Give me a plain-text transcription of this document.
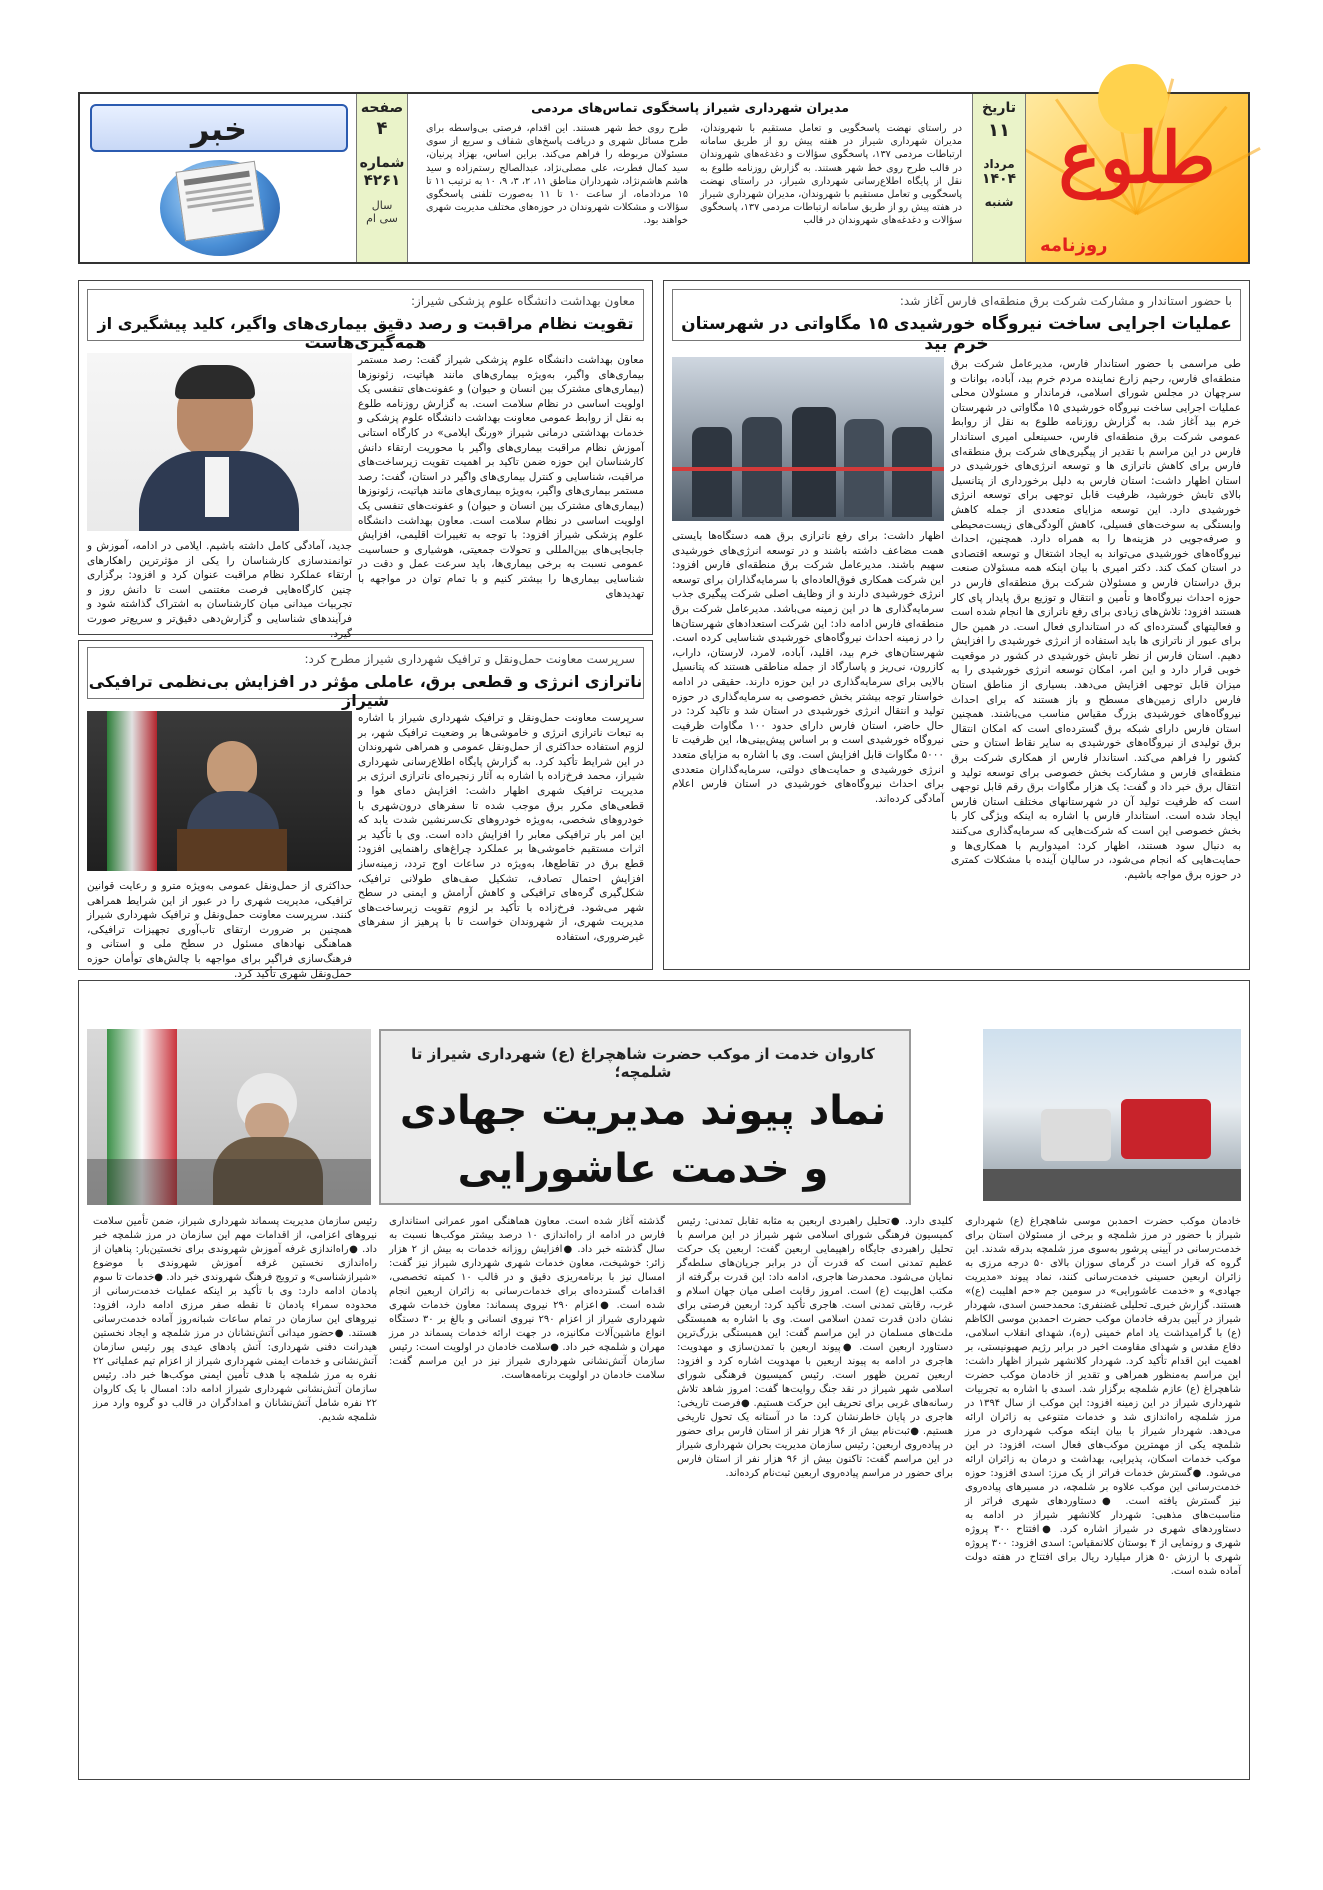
طلوع
روزنامه
تاریخ
۱۱
مرداد
۱۴۰۴
شنبه
مدیران شهرداری شیراز پاسخگوی تماس‌های مردمی
در راستای نهضت پاسخگویی و تعامل مستقیم با شهروندان، مدیران شهرداری شیراز در هفته پیش رو از طریق سامانه ارتباطات مردمی ۱۳۷، پاسخگوی سؤالات و دغدغه‌های شهروندان در قالب طرح روی خط شهر هستند. به گزارش روزنامه طلوع به نقل از پایگاه اطلاع‌رسانی شهرداری شیراز، در راستای نهضت پاسخگویی و تعامل مستقیم با شهروندان، مدیران شهرداری شیراز در هفته پیش رو از طریق سامانه ارتباطات مردمی ۱۳۷، پاسخگوی سؤالات و دغدغه‌های شهروندان در قالب
طرح روی خط شهر هستند. این اقدام، فرصتی بی‌واسطه برای طرح مسائل شهری و دریافت پاسخ‌های شفاف و سریع از سوی مسئولان مربوطه را فراهم می‌کند. براین اساس، بهزاد پرنیان، سید کمال فطرت، علی مصلی‌نژاد، عبدالصالح رستم‌زاده و سید هاشم هاشم‌نژاد، شهرداران مناطق ۱۱، ۲، ۳، ۹، ۱۰ به ترتیب ۱۱ تا ۱۵ مردادماه، از ساعت ۱۰ تا ۱۱ به‌صورت تلفنی پاسخگوی سؤالات و مشکلات شهروندان در حوزه‌های مختلف مدیریت شهری خواهند بود.
صفحه
۴
شماره
۴۲۶۱
سال
سی ام
خبر
با حضور استاندار و مشارکت شرکت برق منطقه‌ای فارس آغاز شد:
عملیات اجرایی ساخت نیروگاه خورشیدی ۱۵ مگاواتی در شهرستان خرم بید
طی مراسمی با حضور استاندار فارس، مدیرعامل شرکت برق منطقه‌ای فارس، رحیم زارع نماینده مردم خرم بید، آباده، بوانات و سرچهان در مجلس شورای اسلامی، فرماندار و مسئولان محلی عملیات اجرایی ساخت نیروگاه خورشیدی ۱۵ مگاواتی در شهرستان خرم بید آغاز شد. به گزارش روزنامه طلوع به نقل از روابط عمومی شرکت برق منطقه‌ای فارس، حسینعلی امیری استاندار فارس در این مراسم با تقدیر از پیگیری‌های شرکت برق منطقه‌ای فارس برای کاهش ناترازی ها و توسعه انرژی‌های خورشیدی در استان اظهار داشت: استان فارس به دلیل برخورداری از پتانسیل بالای تابش خورشید، ظرفیت قابل توجهی برای توسعه انرژی خورشیدی دارد. این توسعه مزایای متعددی از جمله کاهش وابستگی به سوخت‌های فسیلی، کاهش آلودگی‌های زیست‌محیطی و صرفه‌جویی در هزینه‌ها را به همراه دارد. همچنین، احداث نیروگاه‌های خورشیدی می‌تواند به ایجاد اشتغال و توسعه اقتصادی در استان کمک کند. دکتر امیری با بیان اینکه همه مسئولان صنعت برق دراستان فارس و مسئولان شرکت برق منطقه‌ای فارس در حوزه احداث نیروگاه‌ها و تأمین و انتقال و توزیع برق پایدار پای کار هستند افزود: تلاش‌های زیادی برای رفع ناترازی ها انجام شده است و فعالیتهای گسترده‌ای که در استانداری فعال است. در همین حال برای عبور از ناترازی ها باید استفاده از انرژی خورشیدی را افزایش دهیم. استان فارس از نظر تابش خورشیدی در کشور در موقعیت خوبی قرار دارد و این امر، امکان توسعه انرژی خورشیدی را به میزان قابل توجهی افزایش می‌دهد. بسیاری از مناطق استان فارس دارای زمین‌های مسطح و باز هستند که برای احداث نیروگاه‌های خورشیدی بزرگ مقیاس مناسب می‌باشند. همچنین استان فارس دارای شبکه برق گسترده‌ای است که امکان انتقال برق تولیدی از نیروگاه‌های خورشیدی به سایر نقاط استان و حتی کشور را فراهم می‌کند. استاندار فارس از همکاری شرکت برق منطقه‌ای فارس و مشارکت بخش خصوصی برای توسعه تولید و انتقال برق خبر داد و گفت: یک هزار مگاوات برق رقم قابل توجهی است که ظرفیت تولید آن در شهرستانهای مختلف استان فارس ایجاد شده است. استاندار فارس با اشاره به اینکه ویژگی کار با بخش خصوصی این است که شرکت‌هایی که سرمایه‌گذاری می‌کنند به دنبال سود هستند، اظهار کرد: امیدواریم با همکاری‌ها و حمایت‌هایی که انجام می‌شود، در سالیان آینده با مشکلات کمتری در حوزه برق مواجه باشیم.
اظهار داشت: برای رفع ناترازی برق همه دستگاه‌ها بایستی همت مضاعف داشته باشند و در توسعه انرژی‌های خورشیدی سهیم باشند. مدیرعامل شرکت برق منطقه‌ای فارس افزود: این شرکت همکاری فوق‌العاده‌ای با سرمایه‌گذاران برای توسعه انرژی خورشیدی دارند و از وظایف اصلی شرکت پیگیری جذب سرمایه‌گذاری ها در این زمینه می‌باشد. مدیرعامل شرکت برق منطقه‌ای فارس ادامه داد: این شرکت استعدادهای شهرستان‌ها را در زمینه احداث نیروگاه‌های خورشیدی شناسایی کرده است. شهرستان‌های خرم بید، اقلید، آباده، لامرد، لارستان، داراب، کازرون، نی‌ریز و پاسارگاد از جمله مناطقی هستند که پتانسیل بالایی برای سرمایه‌گذاری در این حوزه دارند. حقیقی در ادامه خواستار توجه بیشتر بخش خصوصی به سرمایه‌گذاری در حوزه تولید و انتقال انرژی خورشیدی در استان شد و تاکید کرد: در حال حاضر، استان فارس دارای حدود ۱۰۰ مگاوات ظرفیت نیروگاه خورشیدی است و بر اساس پیش‌بینی‌ها، این ظرفیت تا ۵۰۰۰ مگاوات قابل افزایش است. وی با اشاره به مزایای متعدد انرژی خورشیدی و حمایت‌های دولتی، سرمایه‌گذاران متعددی برای احداث نیروگاه‌های خورشیدی در استان فارس اعلام آمادگی کرده‌اند.
معاون بهداشت دانشگاه علوم پزشکی شیراز:
تقویت نظام مراقبت و رصد دقیق بیماری‌های واگیر، کلید پیشگیری از همه‌گیری‌هاست
معاون بهداشت دانشگاه علوم پزشکی شیراز گفت: رصد مستمر بیماری‌های واگیر، به‌ویژه بیماری‌های مانند هپاتیت، زئونوزها (بیماری‌های مشترک بین انسان و حیوان) و عفونت‌های تنفسی یک اولویت اساسی در نظام سلامت است. به گزارش روزنامه طلوع به نقل از روابط عمومی معاونت بهداشت دانشگاه علوم پزشکی و خدمات بهداشتی درمانی شیراز «ورنگ ایلامی» در کارگاه استانی آموزش نظام مراقبت بیماری‌های واگیر با محوریت ارتقاء دانش کارشناسان این حوزه ضمن تاکید بر اهمیت تقویت زیرساخت‌های مراقبت، شناسایی و کنترل بیماری‌های واگیر در استان، گفت: رصد مستمر بیماری‌های واگیر، به‌ویژه بیماری‌های مانند هپاتیت، زئونوزها (بیماری‌های مشترک بین انسان و حیوان) و عفونت‌های تنفسی یک اولویت اساسی در نظام سلامت است. معاون بهداشت دانشگاه علوم پزشکی شیراز افزود: با توجه به تغییرات اقلیمی، افزایش جابجایی‌های بین‌المللی و تحولات جمعیتی، هوشیاری و حساسیت عمومی نسبت به برخی بیماری‌ها، باید سرعت عمل و دقت در شناسایی بیماری‌ها را بیشتر کنیم و با تمام توان در مواجهه با تهدیدهای
جدید، آمادگی کامل داشته باشیم. ایلامی در ادامه، آموزش و توانمندسازی کارشناسان را یکی از مؤثرترین راهکارهای ارتقاء عملکرد نظام مراقبت عنوان کرد و افزود: برگزاری چنین کارگاه‌هایی فرصت مغتنمی است تا دانش روز و تجربیات میدانی میان کارشناسان به اشتراک گذاشته شود و فرآیندهای شناسایی و گزارش‌دهی دقیق‌تر و سریع‌تر صورت گیرد.
سرپرست معاونت حمل‌ونقل و ترافیک شهرداری شیراز مطرح کرد:
ناترازی انرژی و قطعی برق، عاملی مؤثر در افزایش بی‌نظمی ترافیکی شیراز
سرپرست معاونت حمل‌ونقل و ترافیک شهرداری شیراز با اشاره به تبعات ناترازی انرژی و خاموشی‌ها بر وضعیت ترافیک شهر، بر لزوم استفاده حداکثری از حمل‌ونقل عمومی و همراهی شهروندان در این شرایط تأکید کرد. به گزارش پایگاه اطلاع‌رسانی شهرداری شیراز، محمد فرخ‌زاده با اشاره به آثار زنجیره‌ای ناترازی انرژی بر مدیریت ترافیک شهری اظهار داشت: افزایش دمای هوا و قطعی‌های مکرر برق موجب شده تا سفرهای درون‌شهری با خودروهای شخصی، به‌ویژه خودروهای تک‌سرنشین شدت یابد که این امر بار ترافیکی معابر را افزایش داده است. وی با تأکید بر اثرات مستقیم خاموشی‌ها بر عملکرد چراغ‌های راهنمایی افزود: قطع برق در تقاطع‌ها، به‌ویژه در ساعات اوج تردد، زمینه‌ساز افزایش احتمال تصادف، تشکیل صف‌های طولانی ترافیک، شکل‌گیری گره‌های ترافیکی و کاهش آرامش و ایمنی در سطح شهر می‌شود. فرخ‌زاده با تأکید بر لزوم تقویت زیرساخت‌های مدیریت شهری، از شهروندان خواست تا با پرهیز از سفرهای غیرضروری، استفاده
حداکثری از حمل‌ونقل عمومی به‌ویژه مترو و رعایت قوانین ترافیکی، مدیریت شهری را در عبور از این شرایط همراهی کنند. سرپرست معاونت حمل‌ونقل و ترافیک شهرداری شیراز همچنین بر ضرورت ارتقای تاب‌آوری تجهیزات ترافیکی، هماهنگی نهادهای مسئول در سطح ملی و استانی و فرهنگ‌سازی فراگیر برای مواجهه با چالش‌های توأمان حوزه حمل‌ونقل شهری تأکید کرد.
کاروان خدمت از موکب حضرت شاهچراغ (ع) شهرداری شیراز تا شلمچه؛
نماد پیوند مدیریت جهادی
و خدمت عاشورایی
خادمان موکب حضرت احمدبن موسی شاهچراغ (ع) شهرداری شیراز با حضور در مرز شلمچه و برخی از مسئولان استان برای خدمت‌رسانی در آیینی پرشور به‌سوی مرز شلمچه بدرقه شدند. این گروه که قرار است در گرمای سوزان بالای ۵۰ درجه مرزی به زائران اربعین حسینی خدمت‌رسانی کنند، نماد پیوند «مدیریت جهادی» و «خدمت عاشورایی» در سومین جم «حم اهلیبت (ع)» هستند. گزارش خبری‌ـ تحلیلی غضنفری: محمدحسن اسدی، شهردار شیراز در آیین بدرقه خادمان موکب حضرت احمدبن موسی الکاظم (ع) با گرامیداشت یاد امام خمینی (ره)، شهدای انقلاب اسلامی، دفاع مقدس و شهدای مقاومت اخیر در برابر رژیم صهیونیستی، بر اهمیت این اقدام تأکید کرد. شهردار کلانشهر شیراز اظهار داشت: این مراسم به‌منظور همراهی و تقدیر از خادمان موکب حضرت شاهچراغ (ع) عازم شلمچه برگزار شد. اسدی با اشاره به تجربیات شهرداری شیراز در این زمینه افزود: این موکب از سال ۱۳۹۴ در مرز شلمچه راه‌اندازی شد و خدمات متنوعی به زائران ارائه می‌دهد. شهردار شیراز با بیان اینکه موکب شهرداری در مرز شلمچه یکی از مهمترین موکب‌های فعال است، افزود: در این موکب خدمات اسکان، پذیرایی، بهداشت و درمان به زائران ارائه می‌شود. ●گسترش خدمات فراتر از یک مرز: اسدی افزود: حوزه خدمت‌رسانی این موکب علاوه بر شلمچه، در مسیرهای پیاده‌روی نیز گسترش یافته است. ●دستاوردهای شهری فراتر از مناسبت‌های مذهبی: شهردار کلانشهر شیراز در ادامه به دستاوردهای شهری در شیراز اشاره کرد. ●افتتاح ۳۰۰ پروژه شهری و رونمایی از ۴ بوستان کلانمقیاس: اسدی افزود: ۳۰۰ پروژه شهری با ارزش ۵۰ هزار میلیارد ریال برای افتتاح در هفته دولت آماده شده است.
کلیدی دارد. ●تحلیل راهبردی اربعین به مثابه تقابل تمدنی: رئیس کمیسیون فرهنگی شورای اسلامی شهر شیراز در این مراسم با تحلیل راهبردی جایگاه راهپیمایی اربعین گفت: اربعین یک حرکت عظیم تمدنی است که قدرت آن در برابر جریان‌های سلطه‌گر نمایان می‌شود. محمدرضا هاجری، ادامه داد: این قدرت برگرفته از مکتب اهل‌بیت (ع) است. امروز رقابت اصلی میان جهان اسلام و غرب، رقابتی تمدنی است. هاجری تأکید کرد: اربعین فرصتی برای نشان دادن قدرت تمدن اسلامی است. وی با اشاره به همبستگی ملت‌های مسلمان در این مراسم گفت: این همبستگی بزرگ‌ترین دستاورد اربعین است. ●پیوند اربعین با تمدن‌سازی و مهدویت: هاجری در ادامه به پیوند اربعین با مهدویت اشاره کرد و افزود: اربعین تمرین ظهور است. رئیس کمیسیون فرهنگی شورای اسلامی شهر شیراز در نقد جنگ روایت‌ها گفت: امروز شاهد تلاش رسانه‌های غربی برای تحریف این حرکت هستیم. ●فرصت تاریخی: هاجری در پایان خاطرنشان کرد: ما در آستانه یک تحول تاریخی هستیم. ●ثبت‌نام بیش از ۹۶ هزار نفر از استان فارس برای حضور در پیاده‌روی اربعین: رئیس سازمان مدیریت بحران شهرداری شیراز در این مراسم گفت: تاکنون بیش از ۹۶ هزار نفر از استان فارس برای حضور در مراسم پیاده‌روی اربعین ثبت‌نام کرده‌اند.
گذشته آغاز شده است. معاون هماهنگی امور عمرانی استانداری فارس در ادامه از راه‌اندازی ۱۰ درصد بیشتر موکب‌ها نسبت به سال گذشته خبر داد. ●افزایش روزانه خدمات به بیش از ۲ هزار زائر: خوشیخت، معاون خدمات شهری شهرداری شیراز نیز گفت: امسال نیز با برنامه‌ریزی دقیق و در قالب ۱۰ کمیته تخصصی، اقدامات گسترده‌ای برای خدمات‌رسانی به زائران اربعین انجام شده است. ●اعزام ۲۹۰ نیروی پسماند: معاون خدمات شهری شهرداری شیراز از اعزام ۲۹۰ نیروی انسانی و بالغ بر ۳۰ دستگاه انواع ماشین‌آلات مکانیزه، در جهت ارائه خدمات پسماند در مرز مهران و شلمچه خبر داد. ●سلامت خادمان در اولویت است: رئیس سازمان آتش‌نشانی شهرداری شیراز نیز در این مراسم گفت: سلامت خادمان در اولویت برنامه‌هاست.
رئیس سازمان مدیریت پسماند شهرداری شیراز، ضمن تأمین سلامت نیروهای اعزامی، از اقدامات مهم این سازمان در مرز شلمچه خبر داد. ●راه‌اندازی غرفه آموزش شهروندی برای نخستین‌بار: پناهیان از راه‌اندازی نخستین غرفه آموزش شهروندی با موضوع «شیرازشناسی» و ترویج فرهنگ شهروندی خبر داد. ●خدمات تا سوم پادمان ادامه دارد: وی با تأکید بر اینکه عملیات خدمت‌رسانی از محدوده سمراء پادمان تا نقطه صفر مرزی ادامه دارد، افزود: نیروهای این سازمان در تمام ساعات شبانه‌روز آماده خدمت‌رسانی هستند. ●حضور میدانی آتش‌نشانان در مرز شلمچه و ایجاد نخستین هیدرانت دفنی شهرداری: آتش پاد‌های عیدی پور رئیس سازمان آتش‌نشانی و خدمات ایمنی شهرداری شیراز از اعزام تیم عملیاتی ۲۲ نفره به مرز شلمچه با هدف تأمین ایمنی موکب‌ها خبر داد. رئیس سازمان آتش‌نشانی شهرداری شیراز ادامه داد: امسال با یک کاروان ۲۲ نفره شامل آتش‌نشانان و امدادگران در قالب دو گروه وارد مرز شلمچه شدیم.
